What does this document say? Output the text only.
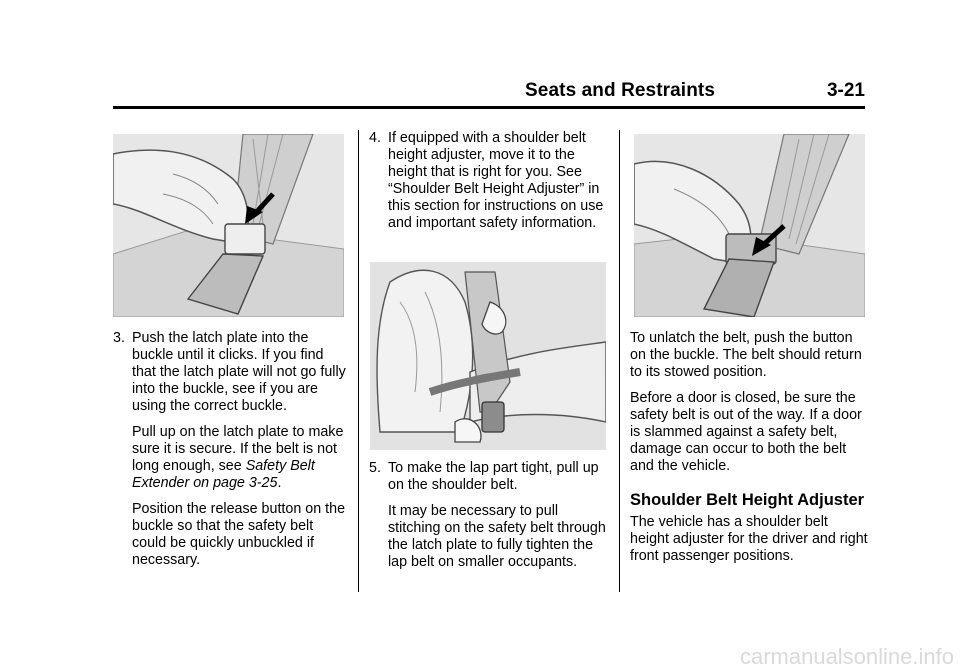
Seats and Restraints	3-21

3. Push the latch plate into the buckle until it clicks. If you find that the latch plate will not go fully into the buckle, see if you are using the correct buckle.

Pull up on the latch plate to make sure it is secure. If the belt is not long enough, see Safety Belt Extender on page 3-25.

Position the release button on the buckle so that the safety belt could be quickly unbuckled if necessary.

4. If equipped with a shoulder belt height adjuster, move it to the height that is right for you. See “Shoulder Belt Height Adjuster” in this section for instructions on use and important safety information.

5. To make the lap part tight, pull up on the shoulder belt.

It may be necessary to pull stitching on the safety belt through the latch plate to fully tighten the lap belt on smaller occupants.

To unlatch the belt, push the button on the buckle. The belt should return to its stowed position.

Before a door is closed, be sure the safety belt is out of the way. If a door is slammed against a safety belt, damage can occur to both the belt and the vehicle.

Shoulder Belt Height Adjuster

The vehicle has a shoulder belt height adjuster for the driver and right front passenger positions.

carmanualsonline.info
